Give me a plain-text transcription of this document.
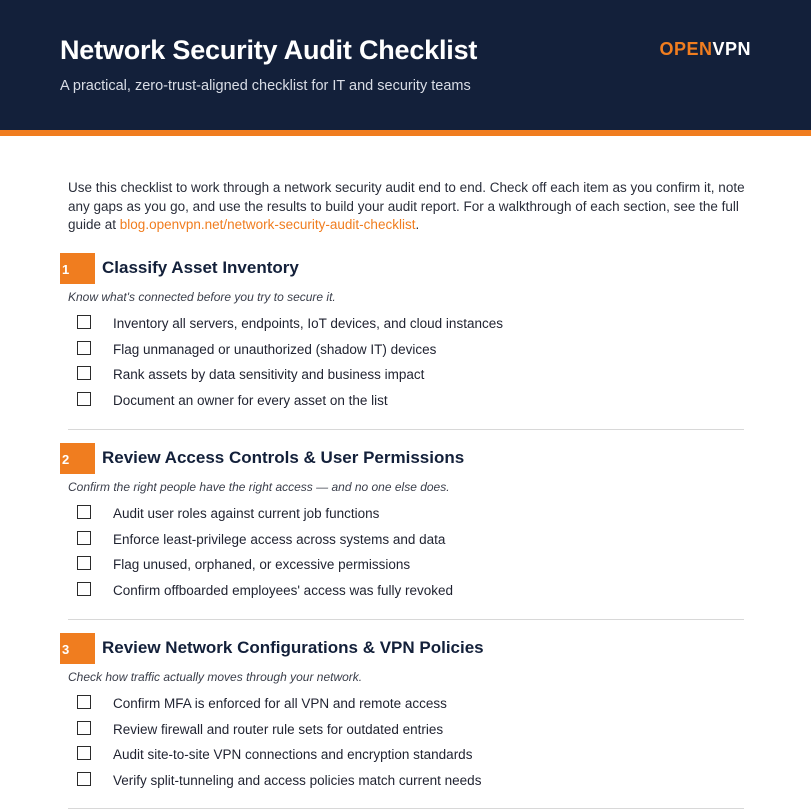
Network Security Audit Checklist
A practical, zero-trust-aligned checklist for IT and security teams
OPENVPN

Use this checklist to work through a network security audit end to end. Check off each item as you confirm it, note any gaps as you go, and use the results to build your audit report. For a walkthrough of each section, see the full guide at blog.openvpn.net/network-security-audit-checklist.

1	Classify Asset Inventory
Know what's connected before you try to secure it.
Inventory all servers, endpoints, IoT devices, and cloud instances
Flag unmanaged or unauthorized (shadow IT) devices
Rank assets by data sensitivity and business impact
Document an owner for every asset on the list
2	Review Access Controls & User Permissions
Confirm the right people have the right access — and no one else does.
Audit user roles against current job functions
Enforce least-privilege access across systems and data
Flag unused, orphaned, or excessive permissions
Confirm offboarded employees' access was fully revoked
3	Review Network Configurations & VPN Policies
Check how traffic actually moves through your network.
Confirm MFA is enforced for all VPN and remote access
Review firewall and router rule sets for outdated entries
Audit site-to-site VPN connections and encryption standards
Verify split-tunneling and access policies match current needs
